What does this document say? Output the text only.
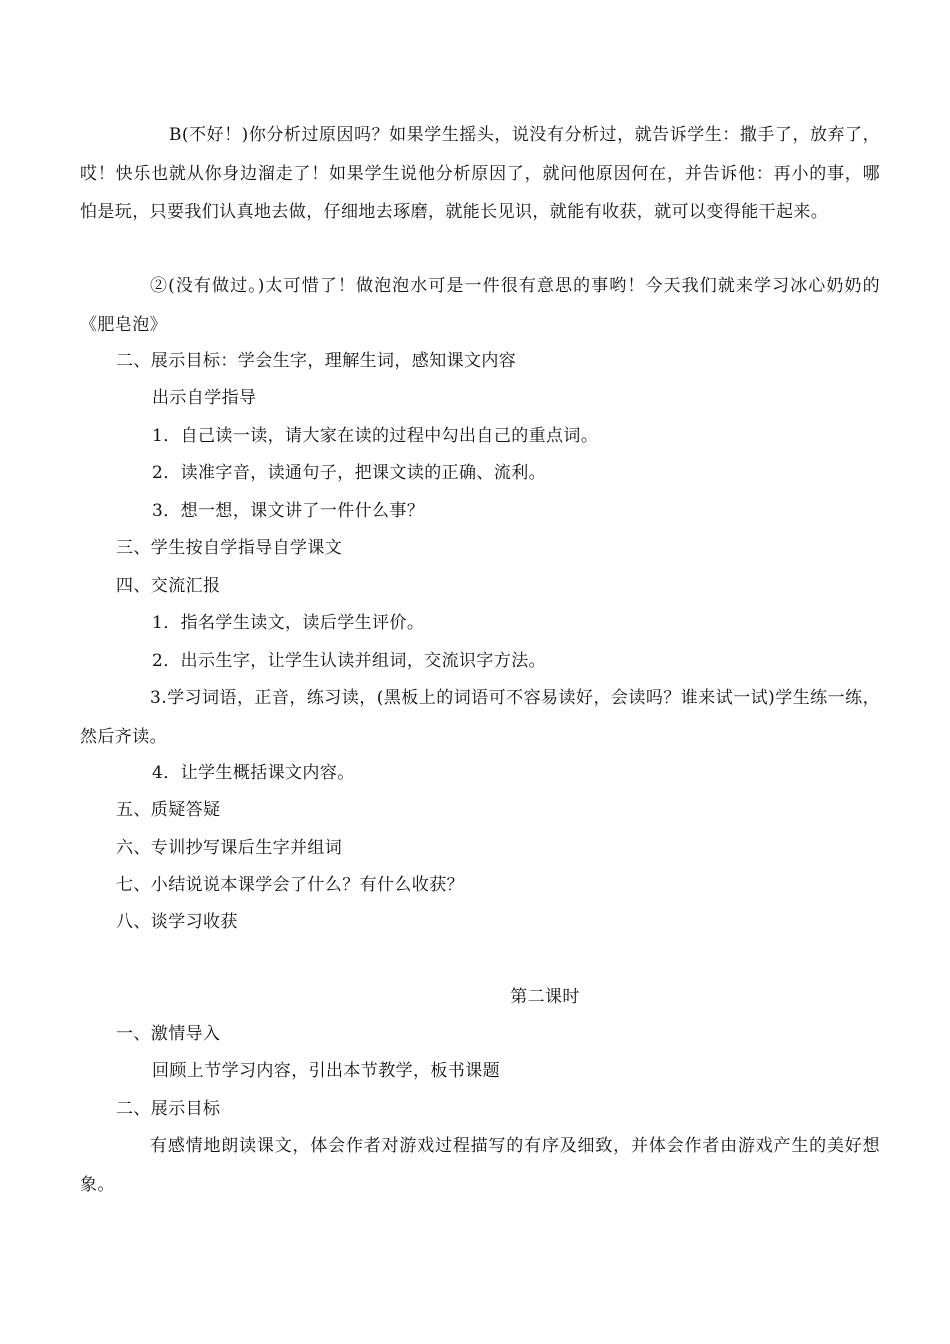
B(不好！)你分析过原因吗？如果学生摇头，说没有分析过，就告诉学生：撒手了，放弃了，哎！快乐也就从你身边溜走了！如果学生说他分析原因了，就问他原因何在，并告诉他：再小的事，哪怕是玩，只要我们认真地去做，仔细地去琢磨，就能长见识，就能有收获，就可以变得能干起来。
②(没有做过。)太可惜了！做泡泡水可是一件很有意思的事哟！今天我们就来学习冰心奶奶的《肥皂泡》
二、展示目标：学会生字，理解生词，感知课文内容
出示自学指导
1．自己读一读，请大家在读的过程中勾出自己的重点词。
2．读准字音，读通句子，把课文读的正确、流利。
3．想一想，课文讲了一件什么事？
三、学生按自学指导自学课文
四、交流汇报
1．指名学生读文，读后学生评价。
2．出示生字，让学生认读并组词，交流识字方法。
3.学习词语，正音，练习读，(黑板上的词语可不容易读好，会读吗？谁来试一试)学生练一练，然后齐读。
4．让学生概括课文内容。
五、质疑答疑
六、专训抄写课后生字并组词
七、小结说说本课学会了什么？有什么收获？
八、谈学习收获
第二课时
一、激情导入
回顾上节学习内容，引出本节教学，板书课题
二、展示目标
有感情地朗读课文，体会作者对游戏过程描写的有序及细致，并体会作者由游戏产生的美好想象。
